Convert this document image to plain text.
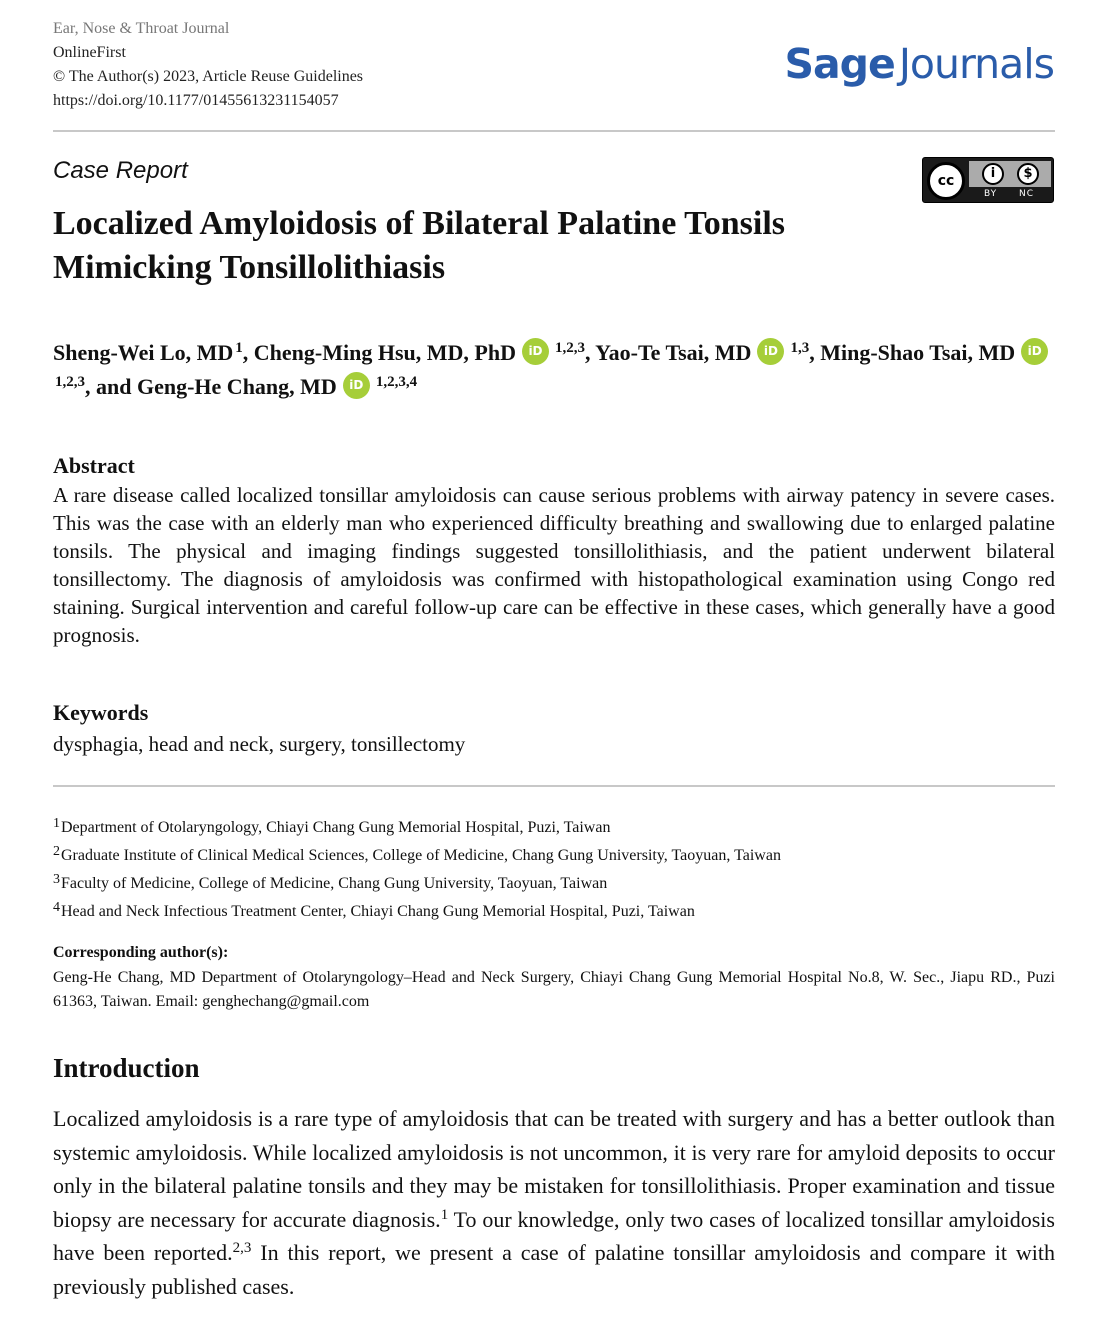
Ear, Nose & Throat Journal
OnlineFirst
© The Author(s) 2023, Article Reuse Guidelines
https://doi.org/10.1177/01455613231154057
SageJournals
Case Report	cc	i	$
BY NC
Localized Amyloidosis of Bilateral Palatine Tonsils
Mimicking Tonsillolithiasis

Sheng-Wei Lo, MD $^1$, Cheng-Ming Hsu, MD, PhD iD	$^{1,2,3}$, Yao-Te Tsai, MD iD	$^{1,3}$, Ming-Shao Tsai, MDiD$^{1,2,3}$, and Geng-He Chang, MD iD	$^{1,2,3,4}$

Abstract

A rare disease called localized tonsillar amyloidosis can cause serious problems with airway patency in severe cases. This was the case with an elderly man who experienced difficulty breathing and swallowing due to enlarged palatine tonsils. The physical and imaging findings suggested tonsillolithiasis, and the patient underwent bilateral tonsillectomy. The diagnosis of amyloidosis was confirmed with histopathological examination using Congo red staining. Surgical intervention and careful follow-up care can be effective in these cases, which generally have a good prognosis.

Keywords

dysphagia, head and neck, surgery, tonsillectomy

$^1$Department of Otolaryngology, Chiayi Chang Gung Memorial Hospital, Puzi, Taiwan
$^2$Graduate Institute of Clinical Medical Sciences, College of Medicine, Chang Gung University, Taoyuan, Taiwan
$^3$Faculty of Medicine, College of Medicine, Chang Gung University, Taoyuan, Taiwan
$^4$Head and Neck Infectious Treatment Center, Chiayi Chang Gung Memorial Hospital, Puzi, Taiwan
Corresponding author(s):

Geng-He Chang, MD Department of Otolaryngology–Head and Neck Surgery, Chiayi Chang Gung Memorial Hospital No.8, W. Sec., Jiapu RD., Puzi 61363, Taiwan. Email: genghechang@gmail.com

Introduction

Localized amyloidosis is a rare type of amyloidosis that can be treated with surgery and has a better outlook than systemic amyloidosis. While localized amyloidosis is not uncommon, it is very rare for amyloid deposits to occur only in the bilateral palatine tonsils and they may be mistaken for tonsillolithiasis. Proper examination and tissue biopsy are necessary for accurate diagnosis.$^1$ To our knowledge, only two cases of localized tonsillar amyloidosis have been reported.$^{2,3}$ In this report, we present a case of palatine tonsillar amyloidosis and compare it with previously published cases.
